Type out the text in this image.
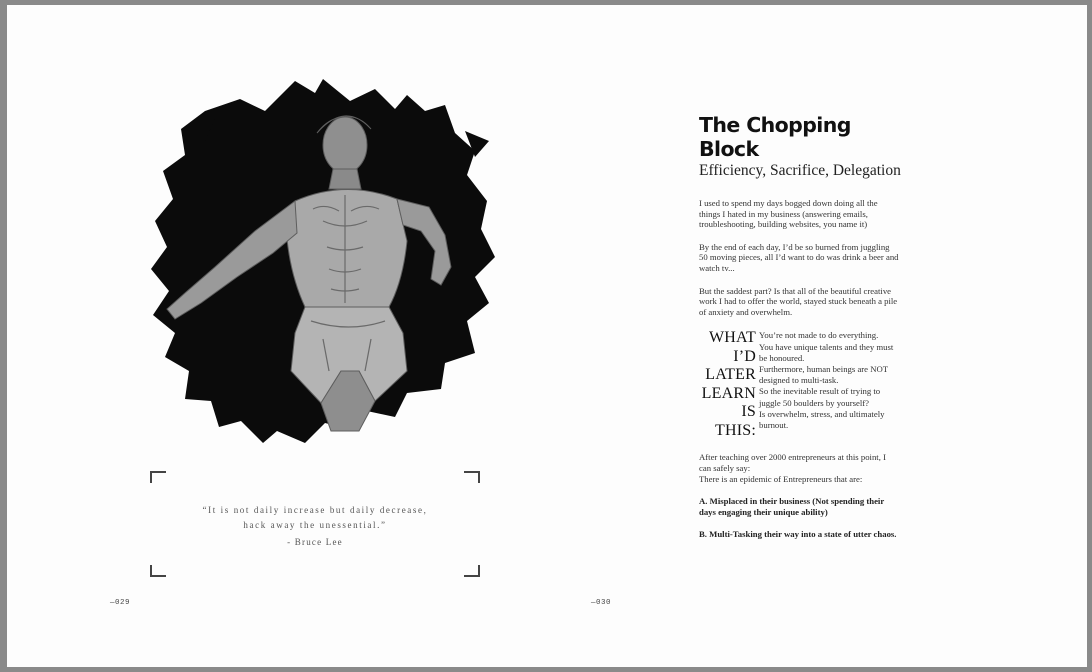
“It is not daily increase but daily decrease,
hack away the unessential.”
- Bruce Lee
—029	—030
The Chopping Block
Efficiency, Sacrifice, Delegation

I used to spend my days bogged down doing all the things I hated in my business (answering emails, troubleshooting, building websites, you name it)

By the end of each day, I’d be so burned from juggling 50 moving pieces, all I’d want to do was drink a beer and watch tv...

But the saddest part? Is that all of the beautiful creative work I had to offer the world, stayed stuck beneath a pile of anxiety and overwhelm.

WHAT
I’D
LATER
LEARN
IS
THIS:
You’re not made to do everything.
You have unique talents and they must be honoured.
Furthermore, human beings are NOT designed to multi-task.
So the inevitable result of trying to juggle 50 boulders by yourself?
Is overwhelm, stress, and ultimately burnout.

After teaching over 2000 entrepreneurs at this point, I can safely say:

There is an epidemic of Entrepreneurs that are:

A. Misplaced in their business (Not spending their days engaging their unique ability)

B. Multi-Tasking their way into a state of utter chaos.
